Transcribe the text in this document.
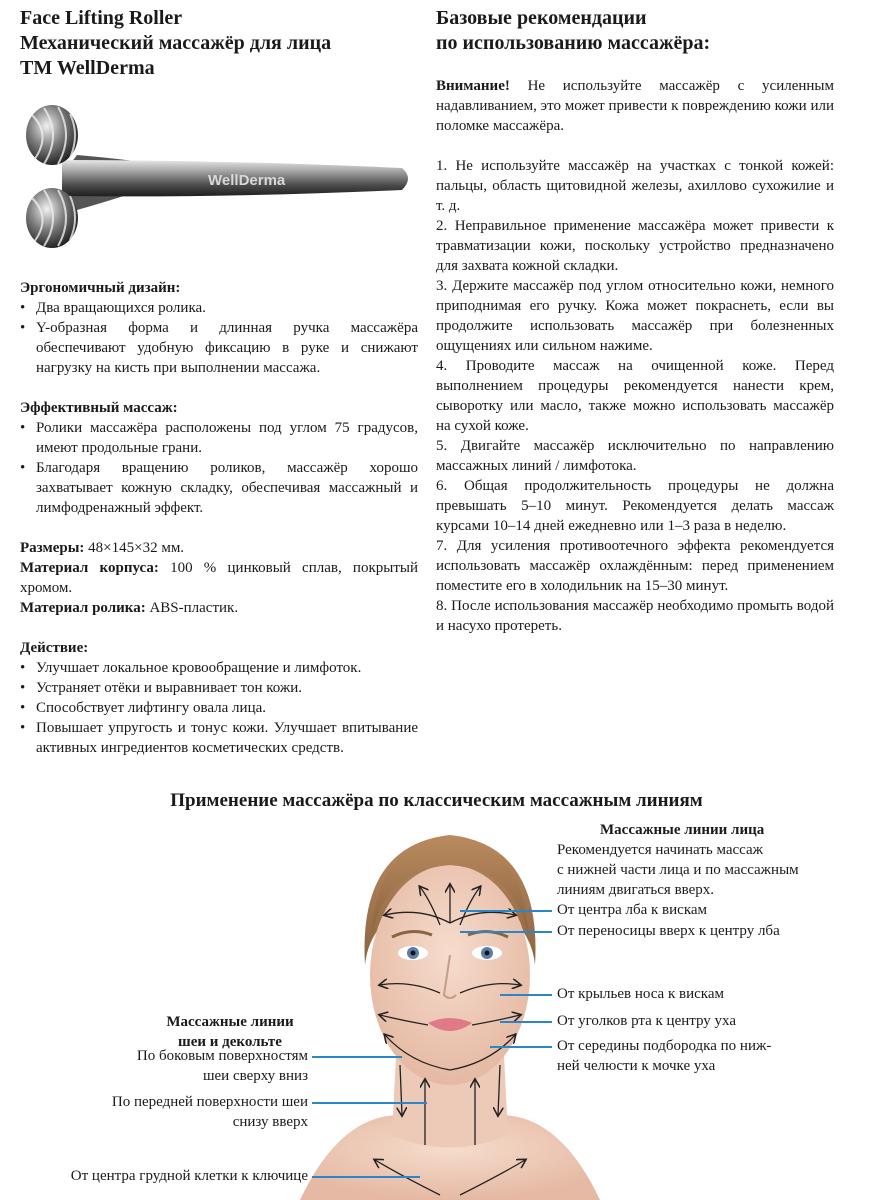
Face Lifting Roller
Механический массажёр для лица
TM WellDerma
WellDerma
Эргономичный дизайн:
• Два вращающихся ролика.
• Y-образная форма и длинная ручка массажёра обеспечивают удобную фиксацию в руке и снижают нагрузку на кисть при выполнении массажа.
Эффективный массаж:
• Ролики массажёра расположены под углом 75 градусов, имеют продольные грани.
• Благодаря вращению роликов, массажёр хорошо захватывает кожную складку, обеспечивая массажный и лимфодренажный эффект.
Размеры: 48×145×32 мм.
Материал корпуса: 100 % цинковый сплав, покрытый хромом.
Материал ролика: ABS-пластик.
Действие:
• Улучшает локальное кровообращение и лимфоток.
• Устраняет отёки и выравнивает тон кожи.
• Способствует лифтингу овала лица.
• Повышает упругость и тонус кожи. Улучшает впитывание активных ингредиентов косметических средств.
Базовые рекомендации
по использованию массажёра:
Внимание! Не используйте массажёр с усиленным надавливанием, это может привести к повреждению кожи или поломке массажёра.
1. Не используйте массажёр на участках с тонкой кожей: пальцы, область щитовидной железы, ахиллово сухожилие и т. д.
2. Неправильное применение массажёра может привести к травматизации кожи, поскольку устройство предназначено для захвата кожной складки.
3. Держите массажёр под углом относительно кожи, немного приподнимая его ручку. Кожа может покраснеть, если вы продолжите использовать массажёр при болезненных ощущениях или сильном нажиме.
4. Проводите массаж на очищенной коже. Перед выполнением процедуры рекомендуется нанести крем, сыворотку или масло, также можно использовать массажёр на сухой коже.
5. Двигайте массажёр исключительно по направлению массажных линий / лимфотока.
6. Общая продолжительность процедуры не должна превышать 5–10 минут. Рекомендуется делать массаж курсами 10–14 дней ежедневно или 1–3 раза в неделю.
7. Для усиления противоотечного эффекта рекомендуется использовать массажёр охлаждённым: перед применением поместите его в холодильник на 15–30 минут.
8. После использования массажёр необходимо промыть водой и насухо протереть.
Применение массажёра по классическим массажным линиям
Массажные линии лица
Рекомендуется начинать массаж
с нижней части лица и по массажным
линиям двигаться вверх.
От центра лба к вискам
От переносицы вверх к центру лба
От крыльев носа к вискам
От уголков рта к центру уха
От середины подбородка по ниж-
ней челюсти к мочке уха
Массажные линии
шеи и декольте
По боковым поверхностям
шеи сверху вниз
По передней поверхности шеи
снизу вверх
От центра грудной клетки к ключице
